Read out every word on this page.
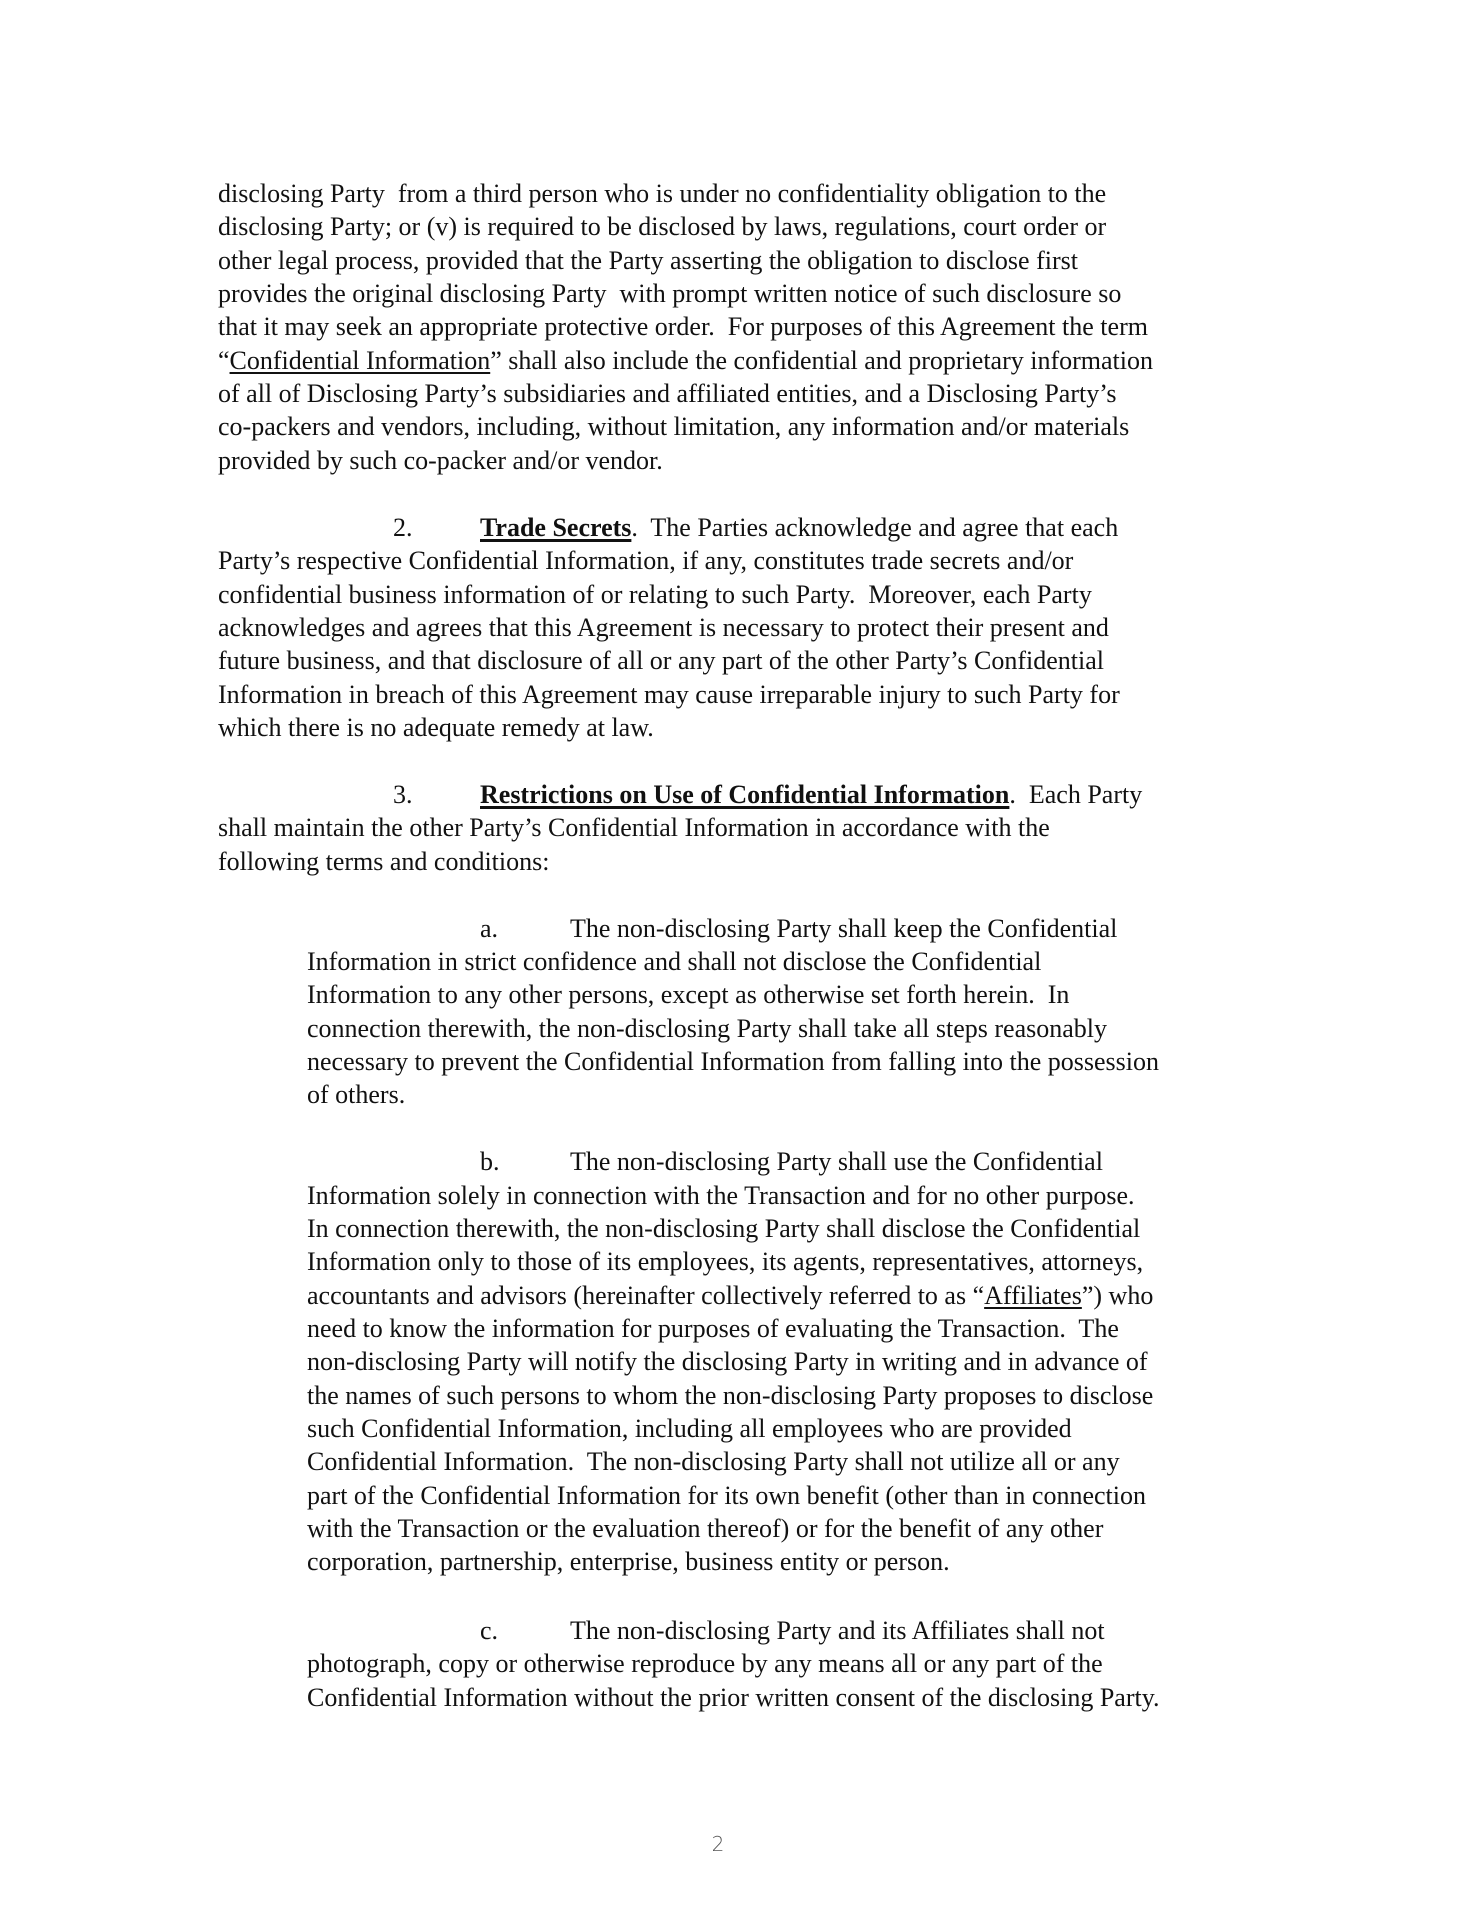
disclosing Party  from a third person who is under no confidentiality obligation to the
disclosing Party; or (v) is required to be disclosed by laws, regulations, court order or
other legal process, provided that the Party asserting the obligation to disclose first
provides the original disclosing Party  with prompt written notice of such disclosure so
that it may seek an appropriate protective order.  For purposes of this Agreement the term
“Confidential Information” shall also include the confidential and proprietary information
of all of Disclosing Party’s subsidiaries and affiliated entities, and a Disclosing Party’s
co-packers and vendors, including, without limitation, any information and/or materials
provided by such co-packer and/or vendor.
2.	Trade Secrets.  The Parties acknowledge and agree that each
Party’s respective Confidential Information, if any, constitutes trade secrets and/or
confidential business information of or relating to such Party.  Moreover, each Party
acknowledges and agrees that this Agreement is necessary to protect their present and
future business, and that disclosure of all or any part of the other Party’s Confidential
Information in breach of this Agreement may cause irreparable injury to such Party for
which there is no adequate remedy at law.
3.	Restrictions on Use of Confidential Information.  Each Party
shall maintain the other Party’s Confidential Information in accordance with the
following terms and conditions:
a.	The non-disclosing Party shall keep the Confidential
Information in strict confidence and shall not disclose the Confidential
Information to any other persons, except as otherwise set forth herein.  In
connection therewith, the non-disclosing Party shall take all steps reasonably
necessary to prevent the Confidential Information from falling into the possession
of others.
b.	The non-disclosing Party shall use the Confidential
Information solely in connection with the Transaction and for no other purpose.
In connection therewith, the non-disclosing Party shall disclose the Confidential
Information only to those of its employees, its agents, representatives, attorneys,
accountants and advisors (hereinafter collectively referred to as “Affiliates”) who
need to know the information for purposes of evaluating the Transaction.  The
non-disclosing Party will notify the disclosing Party in writing and in advance of
the names of such persons to whom the non-disclosing Party proposes to disclose
such Confidential Information, including all employees who are provided
Confidential Information.  The non-disclosing Party shall not utilize all or any
part of the Confidential Information for its own benefit (other than in connection
with the Transaction or the evaluation thereof) or for the benefit of any other
corporation, partnership, enterprise, business entity or person.
c.	The non-disclosing Party and its Affiliates shall not
photograph, copy or otherwise reproduce by any means all or any part of the
Confidential Information without the prior written consent of the disclosing Party.
2
